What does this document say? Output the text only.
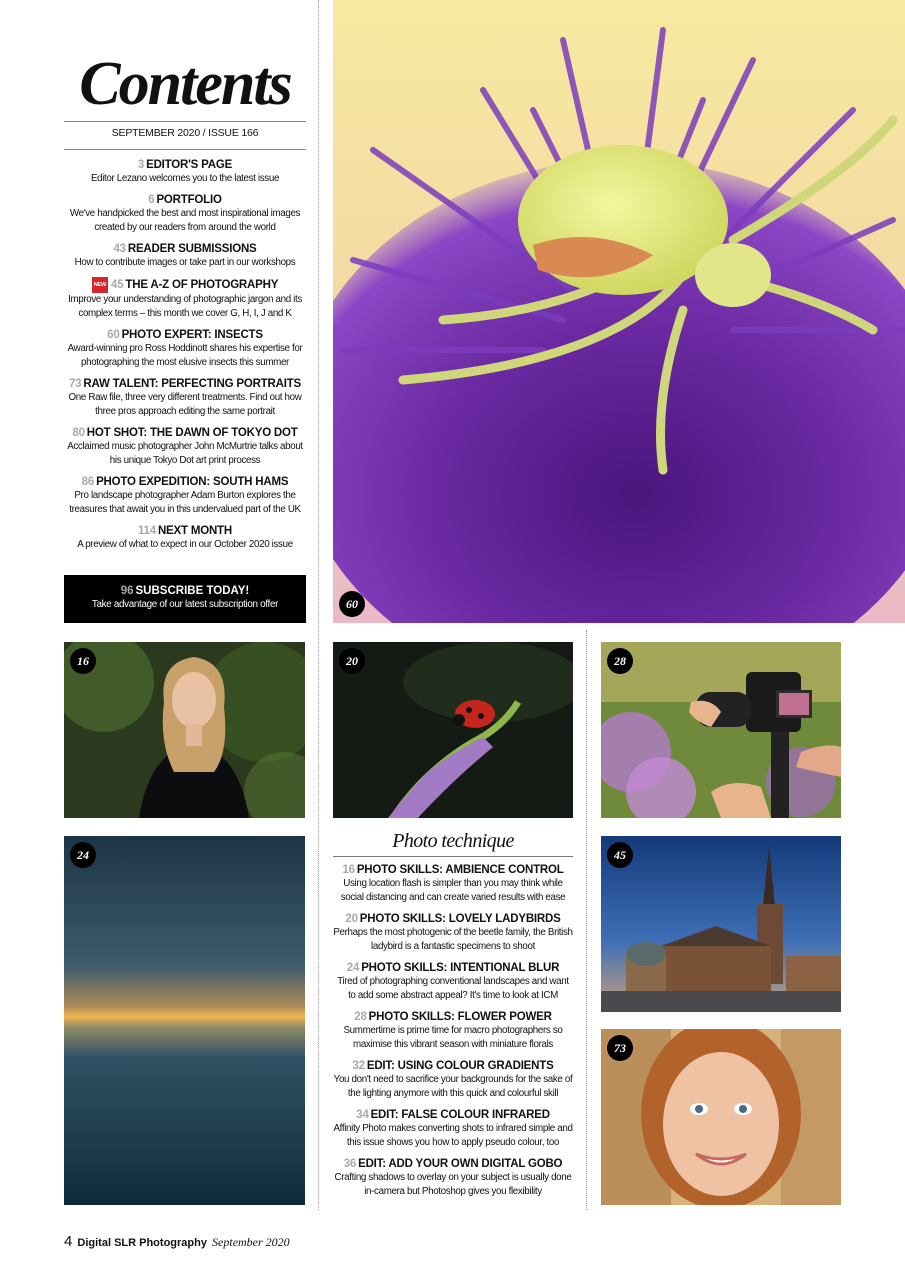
Contents
SEPTEMBER 2020 / ISSUE 166
3 EDITOR'S PAGE
Editor Lezano welcomes you to the latest issue
6 PORTFOLIO
We've handpicked the best and most inspirational images created by our readers from around the world
43 READER SUBMISSIONS
How to contribute images or take part in our workshops
NEW 45 THE A-Z OF PHOTOGRAPHY
Improve your understanding of photographic jargon and its complex terms – this month we cover G, H, I, J and K
60 PHOTO EXPERT: INSECTS
Award-winning pro Ross Hoddinott shares his expertise for photographing the most elusive insects this summer
73 RAW TALENT: PERFECTING PORTRAITS
One Raw file, three very different treatments. Find out how three pros approach editing the same portrait
80 HOT SHOT: THE DAWN OF TOKYO DOT
Acclaimed music photographer John McMurtrie talks about his unique Tokyo Dot art print process
86 PHOTO EXPEDITION: SOUTH HAMS
Pro landscape photographer Adam Burton explores the treasures that await you in this undervalued part of the UK
114 NEXT MONTH
A preview of what to expect in our October 2020 issue
96 SUBSCRIBE TODAY!
Take advantage of our latest subscription offer	60
16	20	28
24
Photo technique
16 PHOTO SKILLS: AMBIENCE CONTROL
Using location flash is simpler than you may think while social distancing and can create varied results with ease
20 PHOTO SKILLS: LOVELY LADYBIRDS
Perhaps the most photogenic of the beetle family, the British ladybird is a fantastic specimens to shoot
24 PHOTO SKILLS: INTENTIONAL BLUR
Tired of photographing conventional landscapes and want to add some abstract appeal? It's time to look at ICM
28 PHOTO SKILLS: FLOWER POWER
Summertime is prime time for macro photographers so maximise this vibrant season with miniature florals
32 EDIT: USING COLOUR GRADIENTS
You don't need to sacrifice your backgrounds for the sake of the lighting anymore with this quick and colourful skill
34 EDIT: FALSE COLOUR INFRARED
Affinity Photo makes converting shots to infrared simple and this issue shows you how to apply pseudo colour, too
36 EDIT: ADD YOUR OWN DIGITAL GOBO
Crafting shadows to overlay on your subject is usually done in-camera but Photoshop gives you flexibility
45
73
4 Digital SLR Photography September 2020
